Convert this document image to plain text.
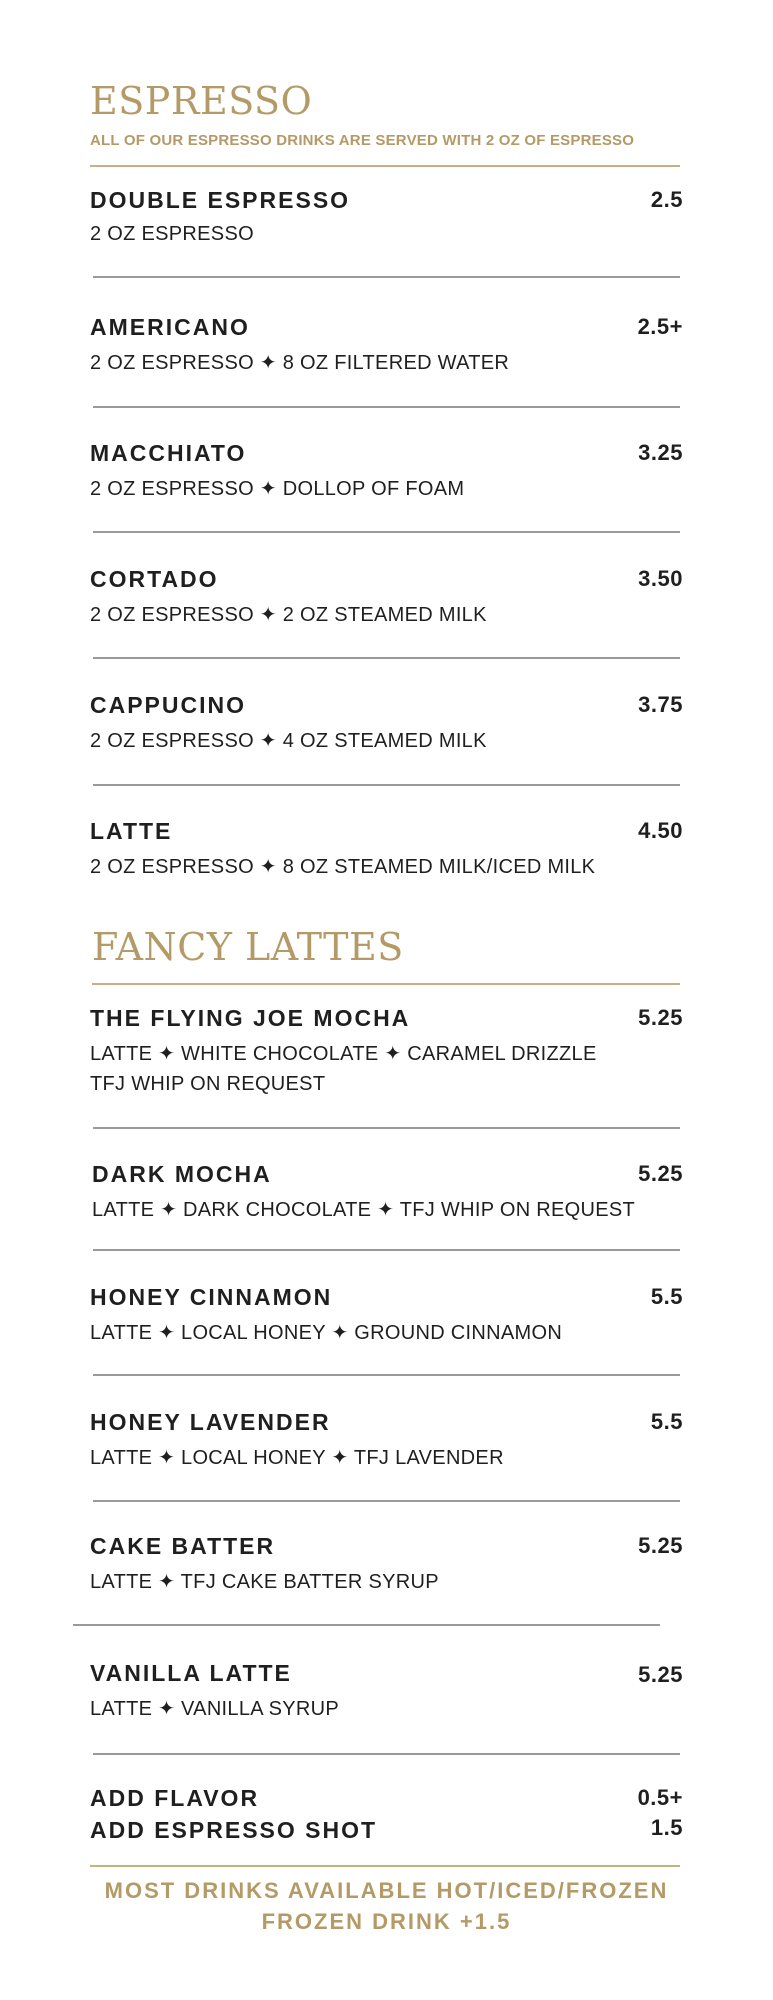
ESPRESSO
ALL OF OUR ESPRESSO DRINKS ARE SERVED WITH 2 OZ OF ESPRESSO
DOUBLE ESPRESSO	2.5
2 OZ ESPRESSO
AMERICANO	2.5+
2 OZ ESPRESSO ✦ 8 OZ FILTERED WATER
MACCHIATO	3.25
2 OZ ESPRESSO ✦ DOLLOP OF FOAM
CORTADO	3.50
2 OZ ESPRESSO ✦ 2 OZ STEAMED MILK
CAPPUCINO	3.75
2 OZ ESPRESSO ✦ 4 OZ STEAMED MILK
LATTE	4.50
2 OZ ESPRESSO ✦ 8 OZ STEAMED MILK/ICED MILK
FANCY LATTES
THE FLYING JOE MOCHA	5.25
LATTE ✦ WHITE CHOCOLATE ✦ CARAMEL DRIZZLE
TFJ WHIP ON REQUEST
DARK MOCHA	5.25
LATTE ✦ DARK CHOCOLATE ✦ TFJ WHIP ON REQUEST
HONEY CINNAMON	5.5
LATTE ✦ LOCAL HONEY ✦ GROUND CINNAMON
HONEY LAVENDER	5.5
LATTE ✦ LOCAL HONEY ✦ TFJ LAVENDER
CAKE BATTER	5.25
LATTE ✦ TFJ CAKE BATTER SYRUP
VANILLA LATTE	5.25
LATTE ✦ VANILLA SYRUP
ADD FLAVOR	0.5+
ADD ESPRESSO SHOT	1.5
MOST DRINKS AVAILABLE HOT/ICED/FROZEN
FROZEN DRINK +1.5
